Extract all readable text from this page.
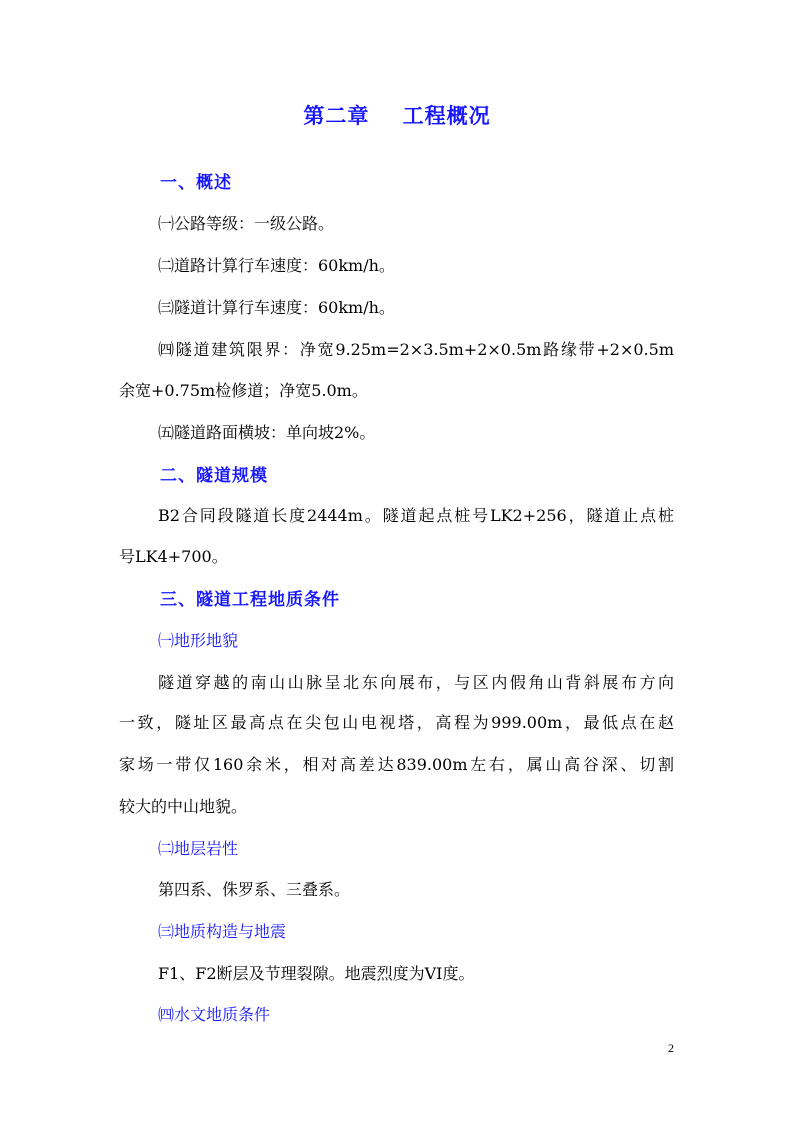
第二章    工程概况
一、概述
㈠公路等级：一级公路。
㈡道路计算行车速度：60km/h。
㈢隧道计算行车速度：60km/h。
㈣隧道建筑限界：净宽9.25m=2×3.5m+2×0.5m路缘带+2×0.5m
余宽+0.75m检修道；净宽5.0m。
㈤隧道路面横坡：单向坡2%。
二、隧道规模
B2合同段隧道长度2444m。隧道起点桩号LK2+256，隧道止点桩
号LK4+700。
三、隧道工程地质条件
㈠地形地貌
隧道穿越的南山山脉呈北东向展布，与区内假角山背斜展布方向
一致，隧址区最高点在尖包山电视塔，高程为999.00m，最低点在赵
家场一带仅160余米，相对高差达839.00m左右，属山高谷深、切割
较大的中山地貌。
㈡地层岩性
第四系、侏罗系、三叠系。
㈢地质构造与地震
F1、F2断层及节理裂隙。地震烈度为VI度。
㈣水文地质条件
2
